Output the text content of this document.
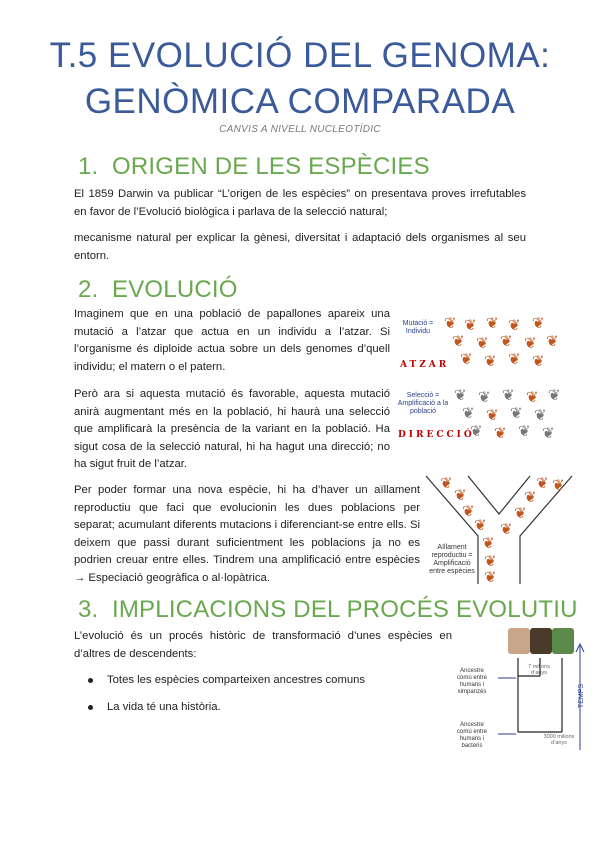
T.5 EVOLUCIÓ DEL GENOMA:
GENÒMICA COMPARADA
CANVIS A NIVELL NUCLEOTÍDIC
1. ORIGEN DE LES ESPÈCIES
El 1859 Darwin va publicar “L’origen de les espècies” on presentava proves irrefutables en favor de l’Evolució biològica i parlava de la selecció natural;
mecanisme natural per explicar la gènesi, diversitat i adaptació dels organismes al seu entorn.
2. EVOLUCIÓ
Imaginem que en una població de papallones apareix una mutació a l’atzar que actua en un individu a l’atzar. Si l’organisme és diploide actua sobre un dels genomes d’quell individu; el matern o el patern.
Però ara si aquesta mutació és favorable, aquesta mutació anirà augmentant més en la població, hi haurà una selecció que amplificarà la presència de la variant en la població. Ha sigut cosa de la selecció natural, hi ha hagut una direcció; no ha sigut fruit de l’atzar.
Per poder formar una nova espècie, hi ha d’haver un aïllament reproductiu que faci que evolucionin les dues poblacions per separat; acumulant diferents mutacions i diferenciant-se entre ells. Si deixem que passi durant suficientment les poblacions ja no es podrien creuar entre elles. Tindrem una amplificació entre espècies → Especiació geogràfica o al·lopàtrica.
Mutació = Individu
ATZAR
❦ ❦ ❦ ❦ ❦
❦ ❦ ❦ ❦ ❦
❦ ❦ ❦ ❦
Selecció = Amplificació a la població
DIRECCIÓ
❦ ❦ ❦ ❦ ❦
❦ ❦ ❦ ❦
❦ ❦ ❦ ❦
Aïllament reproductiu = Amplificació entre espècies
❦
❦
❦
❦
❦
❦
❦
❦
❦
❦
❦
❦
3. IMPLICACIONS DEL PROCÉS EVOLUTIU
L’evolució és un procés històric de transformació d’unes espècies en d’altres de descendents:
Totes les espècies comparteixen ancestres comuns
La vida té una història.
Ancestre comú entre humans i ximpanzés
Ancestre comú entre humans i bacteris
7 milions d’anys
3000 milions d’anys
TEMPS
